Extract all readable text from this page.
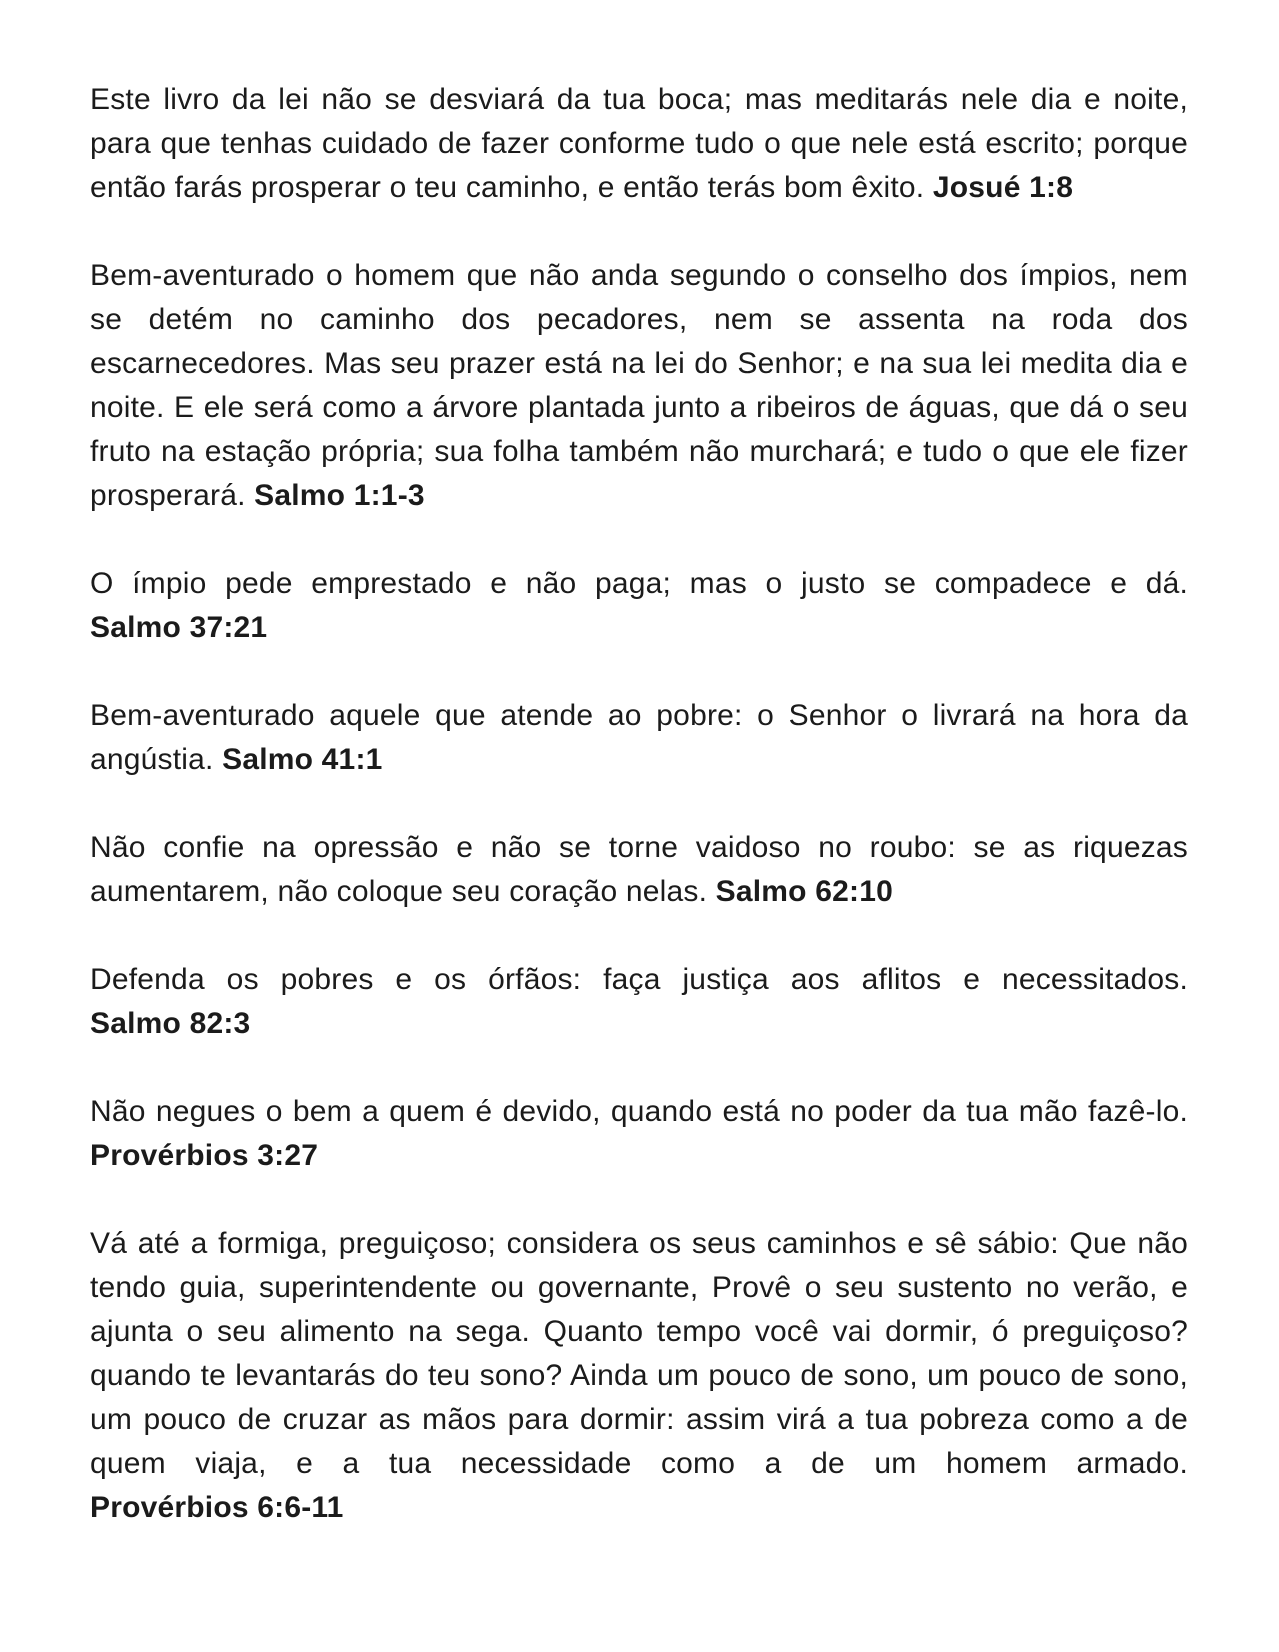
Este livro da lei não se desviará da tua boca; mas meditarás nele dia e noite, para que tenhas cuidado de fazer conforme tudo o que nele está escrito; porque então farás prosperar o teu caminho, e então terás bom êxito. Josué 1:8

Bem-aventurado o homem que não anda segundo o conselho dos ímpios, nem se detém no caminho dos pecadores, nem se assenta na roda dos escarnecedores. Mas seu prazer está na lei do Senhor; e na sua lei medita dia e noite. E ele será como a árvore plantada junto a ribeiros de águas, que dá o seu fruto na estação própria; sua folha também não murchará; e tudo o que ele fizer prosperará. Salmo 1:1-3

O ímpio pede emprestado e não paga; mas o justo se compadece e dá. Salmo 37:21

Bem-aventurado aquele que atende ao pobre: o Senhor o livrará na hora da angústia. Salmo 41:1

Não confie na opressão e não se torne vaidoso no roubo: se as riquezas aumentarem, não coloque seu coração nelas. Salmo 62:10

Defenda os pobres e os órfãos: faça justiça aos aflitos e necessitados. Salmo 82:3

Não negues o bem a quem é devido, quando está no poder da tua mão fazê-lo. Provérbios 3:27

Vá até a formiga, preguiçoso; considera os seus caminhos e sê sábio: Que não tendo guia, superintendente ou governante, Provê o seu sustento no verão, e ajunta o seu alimento na sega. Quanto tempo você vai dormir, ó preguiçoso? quando te levantarás do teu sono? Ainda um pouco de sono, um pouco de sono, um pouco de cruzar as mãos para dormir: assim virá a tua pobreza como a de quem viaja, e a tua necessidade como a de um homem armado. Provérbios 6:6-11
